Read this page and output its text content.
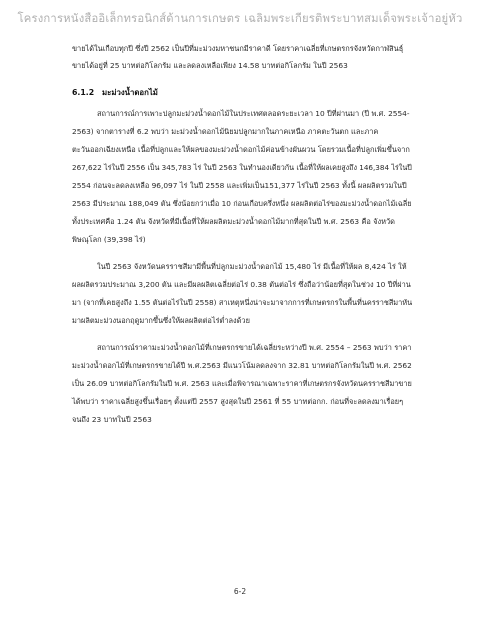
โครงการหนังสืออิเล็กทรอนิกส์ด้านการเกษตร เฉลิมพระเกียรติพระบาทสมเด็จพระเจ้าอยู่หัว
ขายได้ในเกือบทุกปี ซึ่งปี 2562 เป็นปีที่มะม่วงมหาชนกมีราคาดี โดยราคาเฉลี่ยที่เกษตรกรจังหวัดกาฬสินธุ์
ขายได้อยู่ที่ 25 บาทต่อกิโลกรัม และลดลงเหลือเพียง 14.58 บาทต่อกิโลกรัม ในปี 2563
6.1.2 มะม่วงน้ำดอกไม้
สถานการณ์การเพาะปลูกมะม่วงน้ำดอกไม้ในประเทศตลอดระยะเวลา 10 ปีที่ผ่านมา (ปี พ.ศ. 2554-
2563) จากตารางที่ 6.2 พบว่า มะม่วงน้ำดอกไม้นิยมปลูกมากในภาคเหนือ ภาคตะวันตก และภาค
ตะวันออกเฉียงเหนือ เนื้อที่ปลูกและให้ผลของมะม่วงน้ำดอกไม้ค่อนข้างผันผวน โดยรวมเนื้อที่ปลูกเพิ่มขึ้นจาก
267,622 ไร่ในปี 2556 เป็น 345,783 ไร่ ในปี 2563 ในทำนองเดียวกัน เนื้อที่ให้ผลเคยสูงถึง 146,384 ไร่ในปี
2554 ก่อนจะลดลงเหลือ 96,097 ไร่ ในปี 2558 และเพิ่มเป็น151,377 ไร่ในปี 2563 ทั้งนี้ ผลผลิตรวมในปี
2563 มีประมาณ 188,049 ตัน ซึ่งน้อยกว่าเมื่อ 10 ก่อนเกือบครึ่งหนึ่ง ผลผลิตต่อไร่ของมะม่วงน้ำดอกไม้เฉลี่ย
ทั้งประเทศคือ 1.24 ตัน จังหวัดที่มีเนื้อที่ให้ผลผลิตมะม่วงน้ำดอกไม้มากที่สุดในปี พ.ศ. 2563 คือ จังหวัด
พิษณุโลก (39,398 ไร่)
ในปี 2563 จังหวัดนครราชสีมามีพื้นที่ปลูกมะม่วงน้ำดอกไม้ 15,480 ไร่ มีเนื้อที่ให้ผล 8,424 ไร่ ให้
ผลผลิตรวมประมาณ 3,200 ตัน และมีผลผลิตเฉลี่ยต่อไร่ 0.38 ตันต่อไร่ ซึ่งถือว่าน้อยที่สุดในช่วง 10 ปีที่ผ่าน
มา (จากที่เคยสูงถึง 1.55 ตันต่อไร่ในปี 2558) สาเหตุหนึ่งน่าจะมาจากการที่เกษตรกรในพื้นที่นครราชสีมาหัน
มาผลิตมะม่วงนอกฤดูมากขึ้นซึ่งให้ผลผลิตต่อไร่ต่ำลงด้วย
สถานการณ์ราคามะม่วงน้ำดอกไม้ที่เกษตรกรขายได้เฉลี่ยระหว่างปี พ.ศ. 2554 – 2563 พบว่า ราคา
มะม่วงน้ำดอกไม้ที่เกษตรกรขายได้ปี พ.ศ.2563 มีแนวโน้มลดลงจาก 32.81 บาทต่อกิโลกรัมในปี พ.ศ. 2562
เป็น 26.09 บาทต่อกิโลกรัมในปี พ.ศ. 2563 และเมื่อพิจารณาเฉพาะราคาที่เกษตรกรจังหวัดนครราชสีมาขาย
ได้พบว่า ราคาเฉลี่ยสูงขึ้นเรื่อยๆ ตั้งแต่ปี 2557 สูงสุดในปี 2561 ที่ 55 บาทต่อกก. ก่อนที่จะลดลงมาเรื่อยๆ
จนถึง 23 บาทในปี 2563
6-2
